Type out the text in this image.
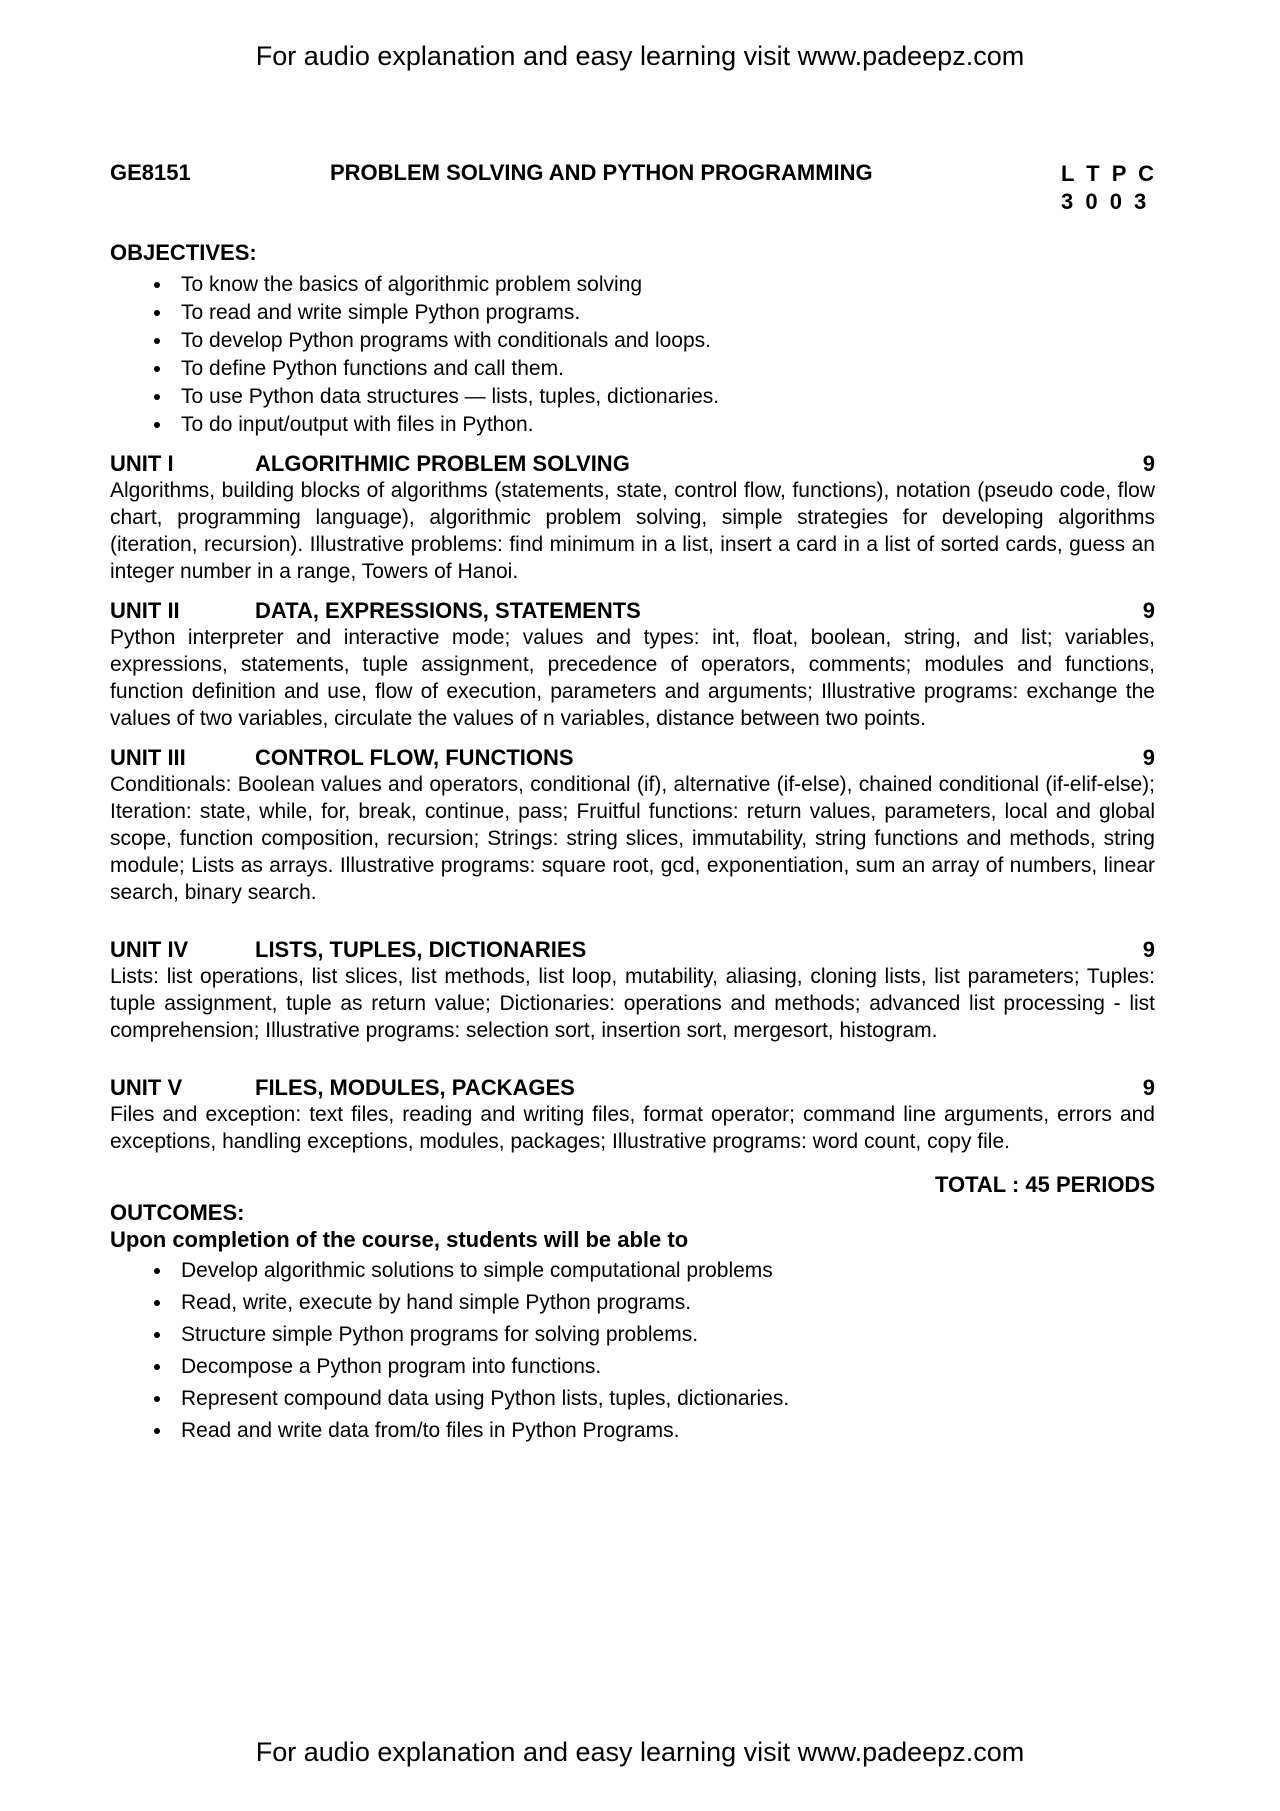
For audio explanation and easy learning visit www.padeepz.com
GE8151	PROBLEM SOLVING AND PYTHON PROGRAMMING	L T P C
3 0 0 3
OBJECTIVES:
• To know the basics of algorithmic problem solving
• To read and write simple Python programs.
• To develop Python programs with conditionals and loops.
• To define Python functions and call them.
• To use Python data structures — lists, tuples, dictionaries.
• To do input/output with files in Python.
UNIT I	ALGORITHMIC PROBLEM SOLVING	9
Algorithms, building blocks of algorithms (statements, state, control flow, functions), notation (pseudo code, flow chart, programming language), algorithmic problem solving, simple strategies for developing algorithms (iteration, recursion). Illustrative problems: find minimum in a list, insert a card in a list of sorted cards, guess an integer number in a range, Towers of Hanoi.
UNIT II	DATA, EXPRESSIONS, STATEMENTS	9
Python interpreter and interactive mode; values and types: int, float, boolean, string, and list; variables, expressions, statements, tuple assignment, precedence of operators, comments; modules and functions, function definition and use, flow of execution, parameters and arguments; Illustrative programs: exchange the values of two variables, circulate the values of n variables, distance between two points.
UNIT III	CONTROL FLOW, FUNCTIONS	9
Conditionals: Boolean values and operators, conditional (if), alternative (if-else), chained conditional (if-elif-else); Iteration: state, while, for, break, continue, pass; Fruitful functions: return values, parameters, local and global scope, function composition, recursion; Strings: string slices, immutability, string functions and methods, string module; Lists as arrays. Illustrative programs: square root, gcd, exponentiation, sum an array of numbers, linear search, binary search.
UNIT IV	LISTS, TUPLES, DICTIONARIES	9
Lists: list operations, list slices, list methods, list loop, mutability, aliasing, cloning lists, list parameters; Tuples: tuple assignment, tuple as return value; Dictionaries: operations and methods; advanced list processing - list comprehension; Illustrative programs: selection sort, insertion sort, mergesort, histogram.
UNIT V	FILES, MODULES, PACKAGES	9
Files and exception: text files, reading and writing files, format operator; command line arguments, errors and exceptions, handling exceptions, modules, packages; Illustrative programs: word count, copy file.
TOTAL : 45 PERIODS
OUTCOMES:
Upon completion of the course, students will be able to
• Develop algorithmic solutions to simple computational problems
• Read, write, execute by hand simple Python programs.
• Structure simple Python programs for solving problems.
• Decompose a Python program into functions.
• Represent compound data using Python lists, tuples, dictionaries.
• Read and write data from/to files in Python Programs.
For audio explanation and easy learning visit www.padeepz.com
